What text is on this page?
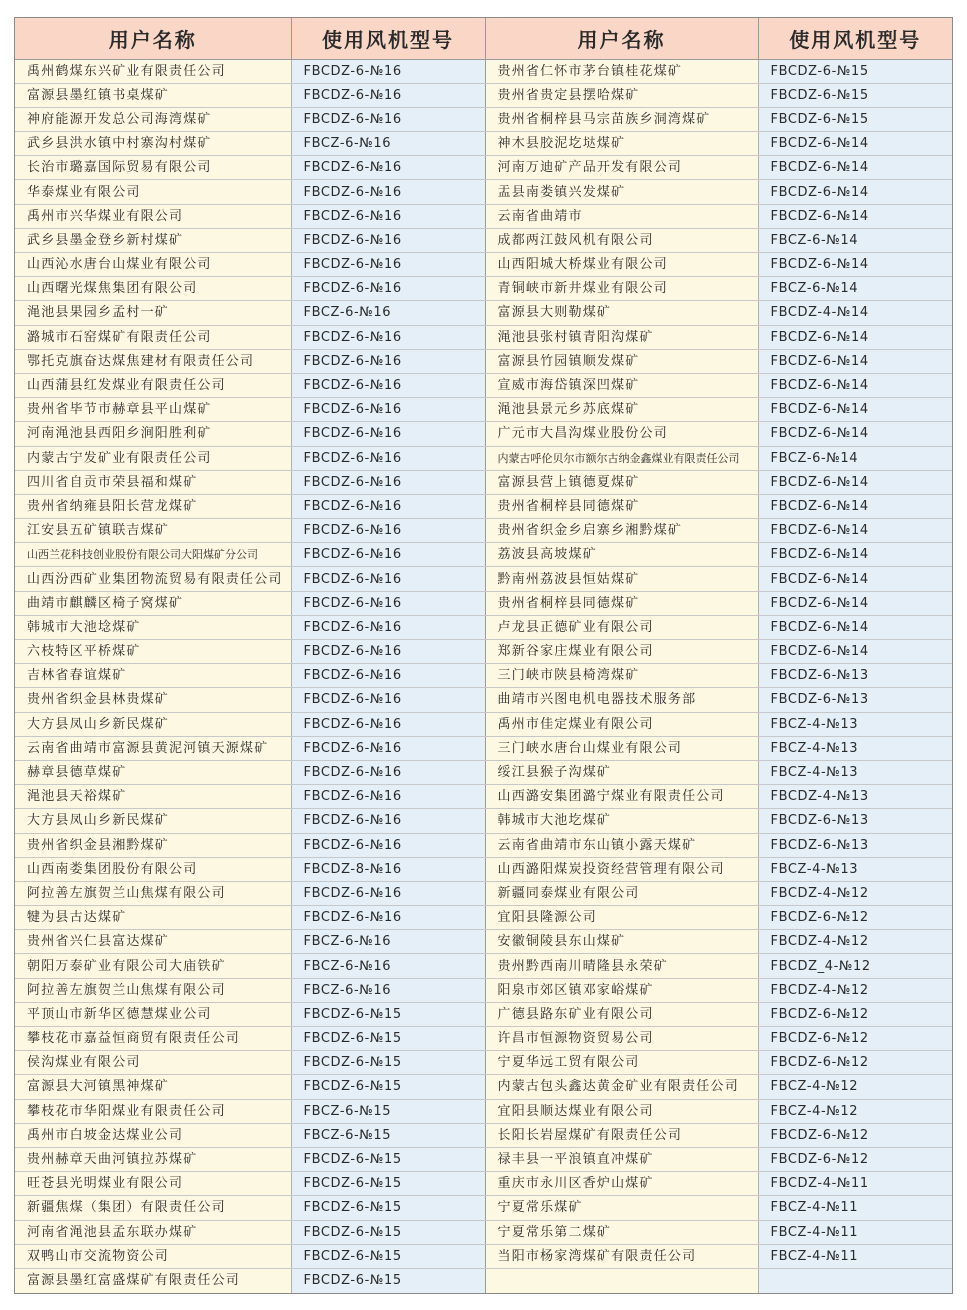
用户名称	使用风机型号	用户名称	使用风机型号
禹州鹤煤东兴矿业有限责任公司	FBCDZ-6-№16	贵州省仁怀市茅台镇桂花煤矿	FBCDZ-6-№15
富源县墨红镇书桌煤矿	FBCDZ-6-№16	贵州省贵定县摆哈煤矿	FBCDZ-6-№15
神府能源开发总公司海湾煤矿	FBCDZ-6-№16	贵州省桐梓县马宗苗族乡洞湾煤矿	FBCDZ-6-№15
武乡县洪水镇中村寨沟村煤矿	FBCZ-6-№16	神木县胶泥圪垯煤矿	FBCDZ-6-№14
长治市璐嘉国际贸易有限公司	FBCDZ-6-№16	河南万迪矿产品开发有限公司	FBCDZ-6-№14
华泰煤业有限公司	FBCDZ-6-№16	盂县南娄镇兴发煤矿	FBCDZ-6-№14
禹州市兴华煤业有限公司	FBCDZ-6-№16	云南省曲靖市	FBCDZ-6-№14
武乡县墨金登乡新村煤矿	FBCDZ-6-№16	成都两江鼓风机有限公司	FBCZ-6-№14
山西沁水唐台山煤业有限公司	FBCDZ-6-№16	山西阳城大桥煤业有限公司	FBCDZ-6-№14
山西曙光煤焦集团有限公司	FBCDZ-6-№16	青铜峡市新井煤业有限公司	FBCZ-6-№14
渑池县果园乡孟村一矿	FBCZ-6-№16	富源县大则勒煤矿	FBCDZ-4-№14
潞城市石窑煤矿有限责任公司	FBCDZ-6-№16	渑池县张村镇青阳沟煤矿	FBCDZ-6-№14
鄂托克旗奋达煤焦建材有限责任公司	FBCDZ-6-№16	富源县竹园镇顺发煤矿	FBCDZ-6-№14
山西蒲县红发煤业有限责任公司	FBCDZ-6-№16	宣威市海岱镇深凹煤矿	FBCDZ-6-№14
贵州省毕节市赫章县平山煤矿	FBCDZ-6-№16	渑池县景元乡苏底煤矿	FBCDZ-6-№14
河南渑池县西阳乡涧阳胜利矿	FBCDZ-6-№16	广元市大昌沟煤业股份公司	FBCDZ-6-№14
内蒙古宁发矿业有限责任公司	FBCDZ-6-№16	内蒙古呼伦贝尔市额尔古纳金鑫煤业有限责任公司	FBCZ-6-№14
四川省自贡市荣县福和煤矿	FBCDZ-6-№16	富源县营上镇德夏煤矿	FBCDZ-6-№14
贵州省纳雍县阳长营龙煤矿	FBCDZ-6-№16	贵州省桐梓县同德煤矿	FBCDZ-6-№14
江安县五矿镇联吉煤矿	FBCDZ-6-№16	贵州省织金乡启寨乡湘黔煤矿	FBCDZ-6-№14
山西兰花科技创业股份有限公司大阳煤矿分公司	FBCDZ-6-№16	荔波县高坡煤矿	FBCDZ-6-№14
山西汾西矿业集团物流贸易有限责任公司	FBCDZ-6-№16	黔南州荔波县恒姑煤矿	FBCDZ-6-№14
曲靖市麒麟区椅子窝煤矿	FBCDZ-6-№16	贵州省桐梓县同德煤矿	FBCDZ-6-№14
韩城市大池埝煤矿	FBCDZ-6-№16	卢龙县正德矿业有限公司	FBCDZ-6-№14
六枝特区平桥煤矿	FBCDZ-6-№16	郑新谷家庄煤业有限公司	FBCDZ-6-№14
吉林省春谊煤矿	FBCDZ-6-№16	三门峡市陕县椅湾煤矿	FBCDZ-6-№13
贵州省织金县林贵煤矿	FBCDZ-6-№16	曲靖市兴图电机电器技术服务部	FBCDZ-6-№13
大方县凤山乡新民煤矿	FBCDZ-6-№16	禹州市佳定煤业有限公司	FBCZ-4-№13
云南省曲靖市富源县黄泥河镇天源煤矿	FBCDZ-6-№16	三门峡水唐台山煤业有限公司	FBCZ-4-№13
赫章县德草煤矿	FBCDZ-6-№16	绥江县猴子沟煤矿	FBCZ-4-№13
渑池县天裕煤矿	FBCDZ-6-№16	山西潞安集团潞宁煤业有限责任公司	FBCDZ-4-№13
大方县凤山乡新民煤矿	FBCDZ-6-№16	韩城市大池圪煤矿	FBCDZ-6-№13
贵州省织金县湘黔煤矿	FBCDZ-6-№16	云南省曲靖市东山镇小露天煤矿	FBCDZ-6-№13
山西南娄集团股份有限公司	FBCDZ-8-№16	山西潞阳煤炭投资经营管理有限公司	FBCZ-4-№13
阿拉善左旗贺兰山焦煤有限公司	FBCDZ-6-№16	新疆同泰煤业有限公司	FBCDZ-4-№12
犍为县古达煤矿	FBCDZ-6-№16	宜阳县隆源公司	FBCDZ-6-№12
贵州省兴仁县富达煤矿	FBCZ-6-№16	安徽铜陵县东山煤矿	FBCDZ-4-№12
朝阳万泰矿业有限公司大庙铁矿	FBCZ-6-№16	贵州黔西南川晴隆县永荣矿	FBCDZ_4-№12
阿拉善左旗贺兰山焦煤有限公司	FBCZ-6-№16	阳泉市郊区镇邓家峪煤矿	FBCDZ-4-№12
平顶山市新华区德慧煤业公司	FBCDZ-6-№15	广德县路东矿业有限公司	FBCDZ-6-№12
攀枝花市嘉益恒商贸有限责任公司	FBCDZ-6-№15	许昌市恒源物资贸易公司	FBCDZ-6-№12
侯沟煤业有限公司	FBCDZ-6-№15	宁夏华远工贸有限公司	FBCDZ-6-№12
富源县大河镇黑神煤矿	FBCDZ-6-№15	内蒙古包头鑫达黄金矿业有限责任公司	FBCZ-4-№12
攀枝花市华阳煤业有限责任公司	FBCZ-6-№15	宜阳县顺达煤业有限公司	FBCZ-4-№12
禹州市白坡金达煤业公司	FBCZ-6-№15	长阳长岩屋煤矿有限责任公司	FBCDZ-6-№12
贵州赫章天曲河镇拉苏煤矿	FBCDZ-6-№15	禄丰县一平浪镇直冲煤矿	FBCDZ-6-№12
旺苍县光明煤业有限公司	FBCDZ-6-№15	重庆市永川区香炉山煤矿	FBCDZ-4-№11
新疆焦煤（集团）有限责任公司	FBCDZ-6-№15	宁夏常乐煤矿	FBCZ-4-№11
河南省渑池县孟东联办煤矿	FBCDZ-6-№15	宁夏常乐第二煤矿	FBCZ-4-№11
双鸭山市交流物资公司	FBCDZ-6-№15	当阳市杨家湾煤矿有限责任公司	FBCZ-4-№11
富源县墨红富盛煤矿有限责任公司	FBCDZ-6-№15		
